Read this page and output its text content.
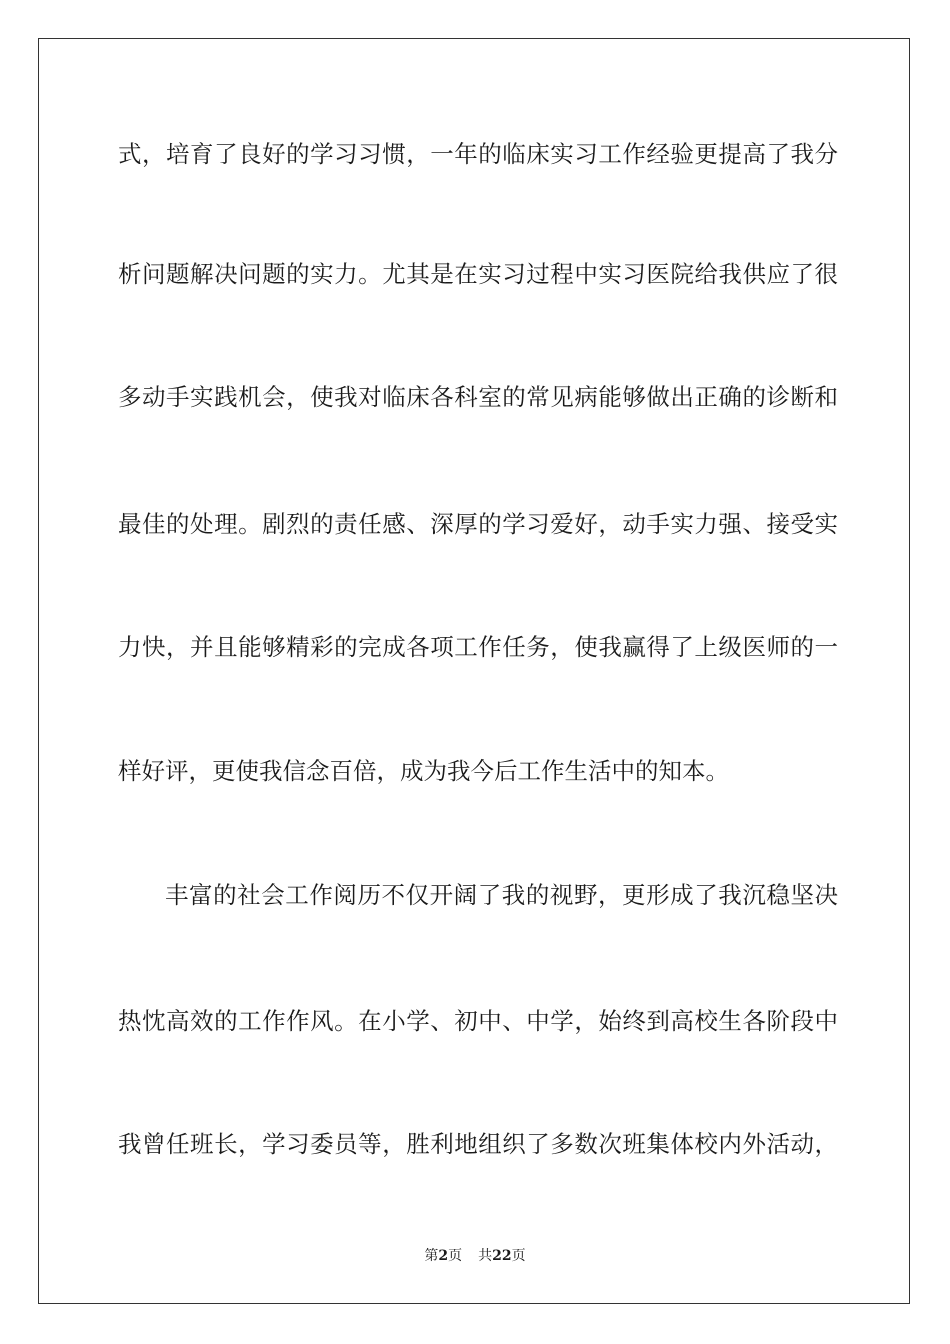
式，培育了良好的学习习惯，一年的临床实习工作经验更提高了我分
析问题解决问题的实力。尤其是在实习过程中实习医院给我供应了很
多动手实践机会，使我对临床各科室的常见病能够做出正确的诊断和
最佳的处理。剧烈的责任感、深厚的学习爱好，动手实力强、接受实
力快，并且能够精彩的完成各项工作任务，使我赢得了上级医师的一
样好评，更使我信念百倍，成为我今后工作生活中的知本。
丰富的社会工作阅历不仅开阔了我的视野，更形成了我沉稳坚决
热忱高效的工作作风。在小学、初中、中学，始终到高校生各阶段中
我曾任班长，学习委员等，胜利地组织了多数次班集体校内外活动，
第2页 共22页
